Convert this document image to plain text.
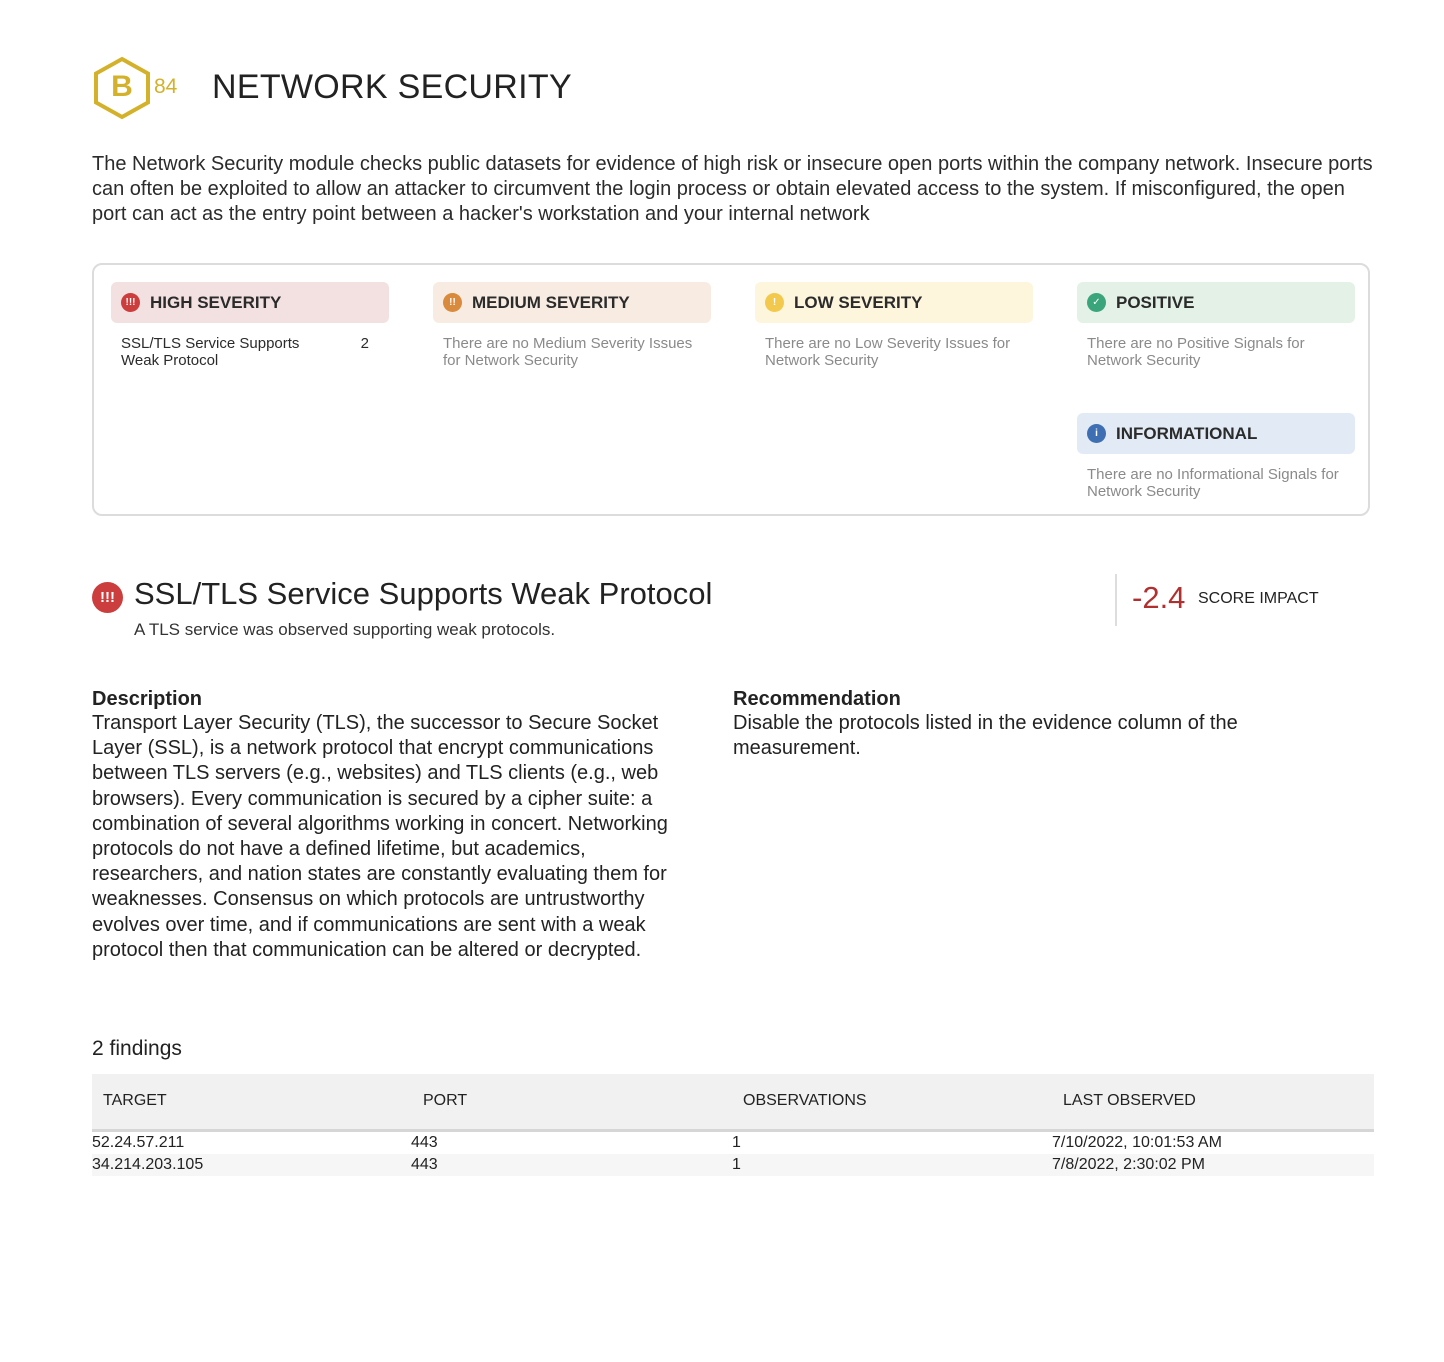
B	84 NETWORK SECURITY
The Network Security module checks public datasets for evidence of high risk or insecure open ports within the company network. Insecure ports can often be exploited to allow an attacker to circumvent the login process or obtain elevated access to the system. If misconfigured, the open port can act as the entry point between a hacker's workstation and your internal network
!!! HIGH SEVERITY
SSL/TLS Service Supports Weak Protocol
2
!! MEDIUM SEVERITY
There are no Medium Severity Issues for Network Security
!	LOW SEVERITY
There are no Low Severity Issues for Network Security
✓ POSITIVE
There are no Positive Signals for Network Security
i	INFORMATIONAL
There are no Informational Signals for Network Security
!!! SSL/TLS Service Supports Weak Protocol
A TLS service was observed supporting weak protocols.
-2.4 SCORE IMPACT
Description

Transport Layer Security (TLS), the successor to Secure Socket Layer (SSL), is a network protocol that encrypt communications between TLS servers (e.g., websites) and TLS clients (e.g., web browsers). Every communication is secured by a cipher suite: a combination of several algorithms working in concert. Networking protocols do not have a defined lifetime, but academics, researchers, and nation states are constantly evaluating them for weaknesses. Consensus on which protocols are untrustworthy evolves over time, and if communications are sent with a weak protocol then that communication can be altered or decrypted.

Recommendation

Disable the protocols listed in the evidence column of the measurement.

2 findings
TARGET	PORT	OBSERVATIONS	LAST OBSERVED
52.24.57.211	443	1	7/10/2022, 10:01:53 AM
34.214.203.105	443	1	7/8/2022, 2:30:02 PM
